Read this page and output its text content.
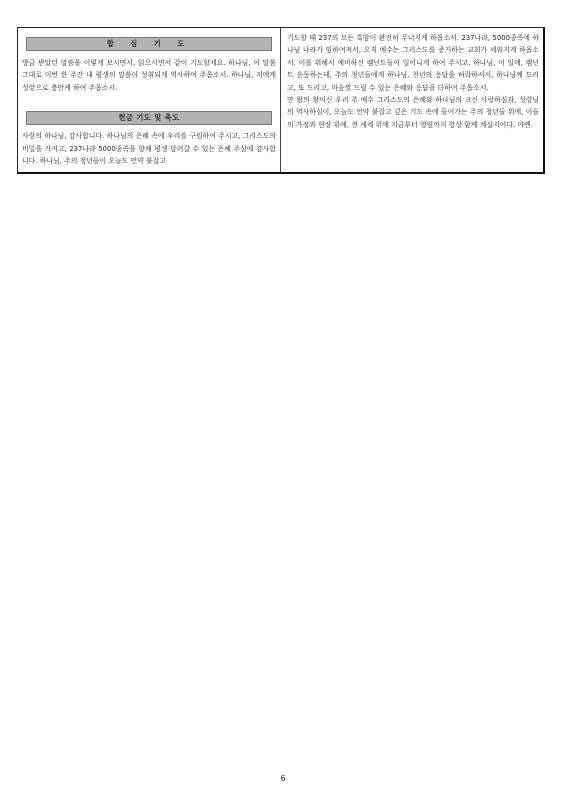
합 심 기 도

방금 받았던 말씀을 이렇게 보시면서, 읽으시면서 같이 기도할게요. 하나님, 이 말씀 그대로 이번 한 주간 내 평생의 말씀이 성취되게 역사하여 주옵소서. 하나님, 저에게 성령으로 충만케 하여 주옵소서.

헌금 기도 및 축도

사랑의 하나님, 감사합니다. 하나님의 은혜 속에 우리를 구원하여 주시고, 그리스도의 비밀을 가지고, 237나라 5000종족을 향해 평생 달려갈 수 있는 은혜 주심에 감사합니다. 하나님, 주의 청년들이 오늘도 언약 붙잡고

기도할 때 237의 모든 흑암이 완전히 무너지게 하옵소서. 237나라, 5000종족에 하나님 나라가 임하여져서, 오직 예수는 그리스도를 증거하는 교회가 세워지게 하옵소서. 이를 위해서 예비하신 렘넌트들이 일어나게 하여 주시고, 하나님, 이 일에, 렘넌트 운동하는데, 주의 청년들에게 하나님, 천년의 응답을 허락하셔서, 하나님께 드리고, 또 드리고, 마음껏 드릴 수 있는 은혜와 응답을 더하여 주옵소서.

만 왕의 왕이신 우리 주 예수 그리스도의 은혜와 하나님의 크신 사랑하심과, 성령님의 역사하심이, 오늘도 언약 붙잡고 깊은 기도 속에 들어가는 주의 청년들 위에, 이들의 가정과 현장 위에, 전 세계 위에 지금부터 영원까지 항상 함께 계실지어다. 아멘.

6
